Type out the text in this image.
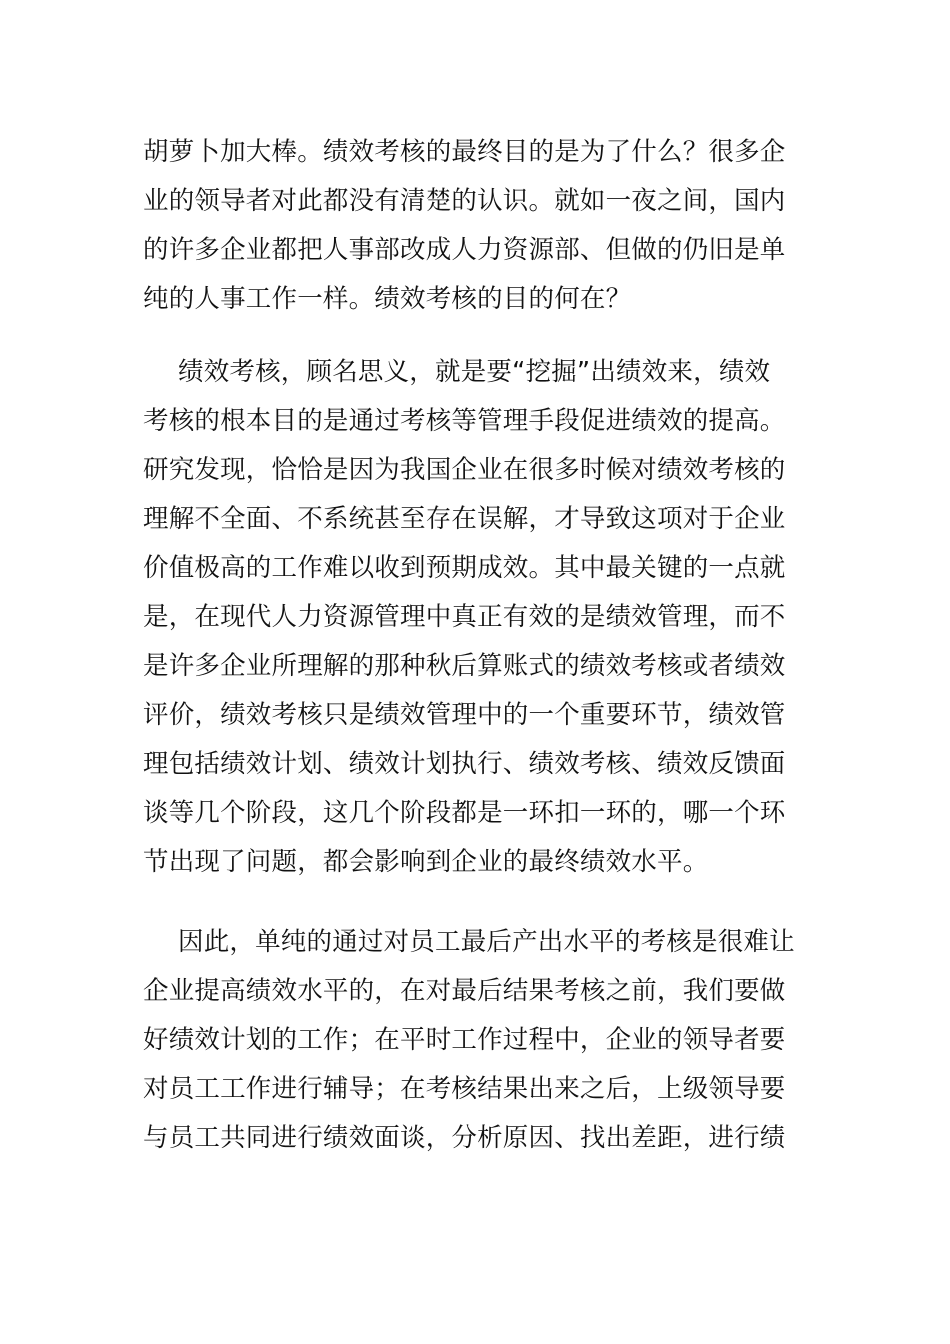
胡萝卜加大棒。绩效考核的最终目的是为了什么？很多企
业的领导者对此都没有清楚的认识。就如一夜之间，国内
的许多企业都把人事部改成人力资源部、但做的仍旧是单
纯的人事工作一样。绩效考核的目的何在？
绩效考核，顾名思义，就是要“挖掘”出绩效来，绩效
考核的根本目的是通过考核等管理手段促进绩效的提高。
研究发现，恰恰是因为我国企业在很多时候对绩效考核的
理解不全面、不系统甚至存在误解，才导致这项对于企业
价值极高的工作难以收到预期成效。其中最关键的一点就
是，在现代人力资源管理中真正有效的是绩效管理，而不
是许多企业所理解的那种秋后算账式的绩效考核或者绩效
评价，绩效考核只是绩效管理中的一个重要环节，绩效管
理包括绩效计划、绩效计划执行、绩效考核、绩效反馈面
谈等几个阶段，这几个阶段都是一环扣一环的，哪一个环
节出现了问题，都会影响到企业的最终绩效水平。
因此，单纯的通过对员工最后产出水平的考核是很难让
企业提高绩效水平的，在对最后结果考核之前，我们要做
好绩效计划的工作；在平时工作过程中，企业的领导者要
对员工工作进行辅导；在考核结果出来之后，上级领导要
与员工共同进行绩效面谈，分析原因、找出差距，进行绩
